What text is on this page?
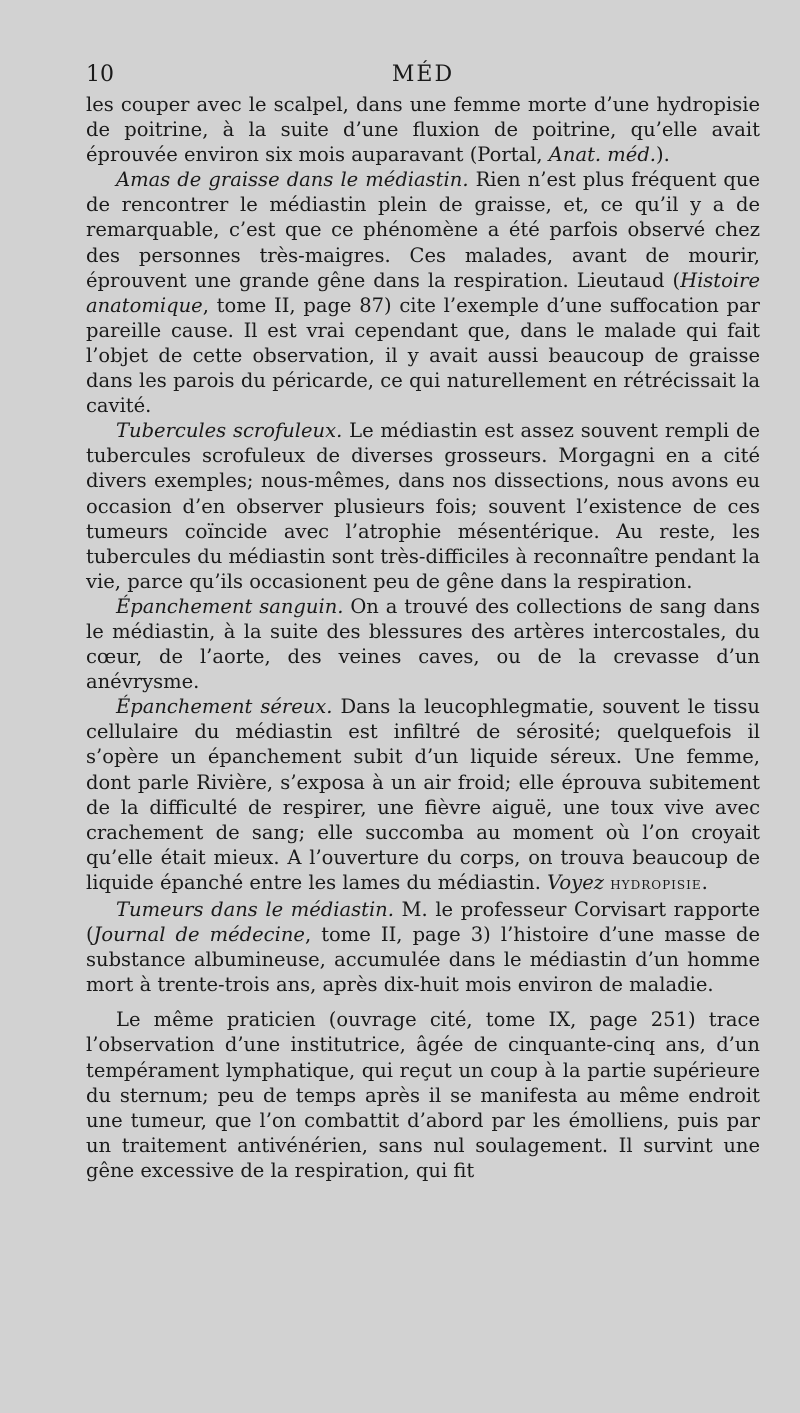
10	MÉD

les couper avec le scalpel, dans une femme morte d’une hydropisie de poitrine, à la suite d’une fluxion de poitrine, qu’elle avait éprouvée environ six mois auparavant (Portal, Anat. méd.).

Amas de graisse dans le médiastin. Rien n’est plus fréquent que de rencontrer le médiastin plein de graisse, et, ce qu’il y a de remarquable, c’est que ce phénomène a été parfois observé chez des personnes très-maigres. Ces malades, avant de mourir, éprouvent une grande gêne dans la respiration. Lieutaud (Histoire anatomique, tome II, page 87) cite l’exemple d’une suffocation par pareille cause. Il est vrai cependant que, dans le malade qui fait l’objet de cette observation, il y avait aussi beaucoup de graisse dans les parois du péricarde, ce qui naturellement en rétrécissait la cavité.

Tubercules scrofuleux. Le médiastin est assez souvent rempli de tubercules scrofuleux de diverses grosseurs. Morgagni en a cité divers exemples; nous-mêmes, dans nos dissections, nous avons eu occasion d’en observer plusieurs fois; souvent l’existence de ces tumeurs coïncide avec l’atrophie mésentérique. Au reste, les tubercules du médiastin sont très-difficiles à reconnaître pendant la vie, parce qu’ils occasionent peu de gêne dans la respiration.

Épanchement sanguin. On a trouvé des collections de sang dans le médiastin, à la suite des blessures des artères intercostales, du cœur, de l’aorte, des veines caves, ou de la crevasse d’un anévrysme.

Épanchement séreux. Dans la leucophlegmatie, souvent le tissu cellulaire du médiastin est infiltré de sérosité; quelquefois il s’opère un épanchement subit d’un liquide séreux. Une femme, dont parle Rivière, s’exposa à un air froid; elle éprouva subitement de la difficulté de respirer, une fièvre aiguë, une toux vive avec crachement de sang; elle succomba au moment où l’on croyait qu’elle était mieux. A l’ouverture du corps, on trouva beaucoup de liquide épanché entre les lames du médiastin. Voyez hydropisie.

Tumeurs dans le médiastin. M. le professeur Corvisart rapporte (Journal de médecine, tome II, page 3) l’histoire d’une masse de substance albumineuse, accumulée dans le médiastin d’un homme mort à trente-trois ans, après dix-huit mois environ de maladie.

Le même praticien (ouvrage cité, tome IX, page 251) trace l’observation d’une institutrice, âgée de cinquante-cinq ans, d’un tempérament lymphatique, qui reçut un coup à la partie supérieure du sternum; peu de temps après il se manifesta au même endroit une tumeur, que l’on combattit d’abord par les émolliens, puis par un traitement antivénérien, sans nul soulagement. Il survint une gêne excessive de la respiration, qui fit
